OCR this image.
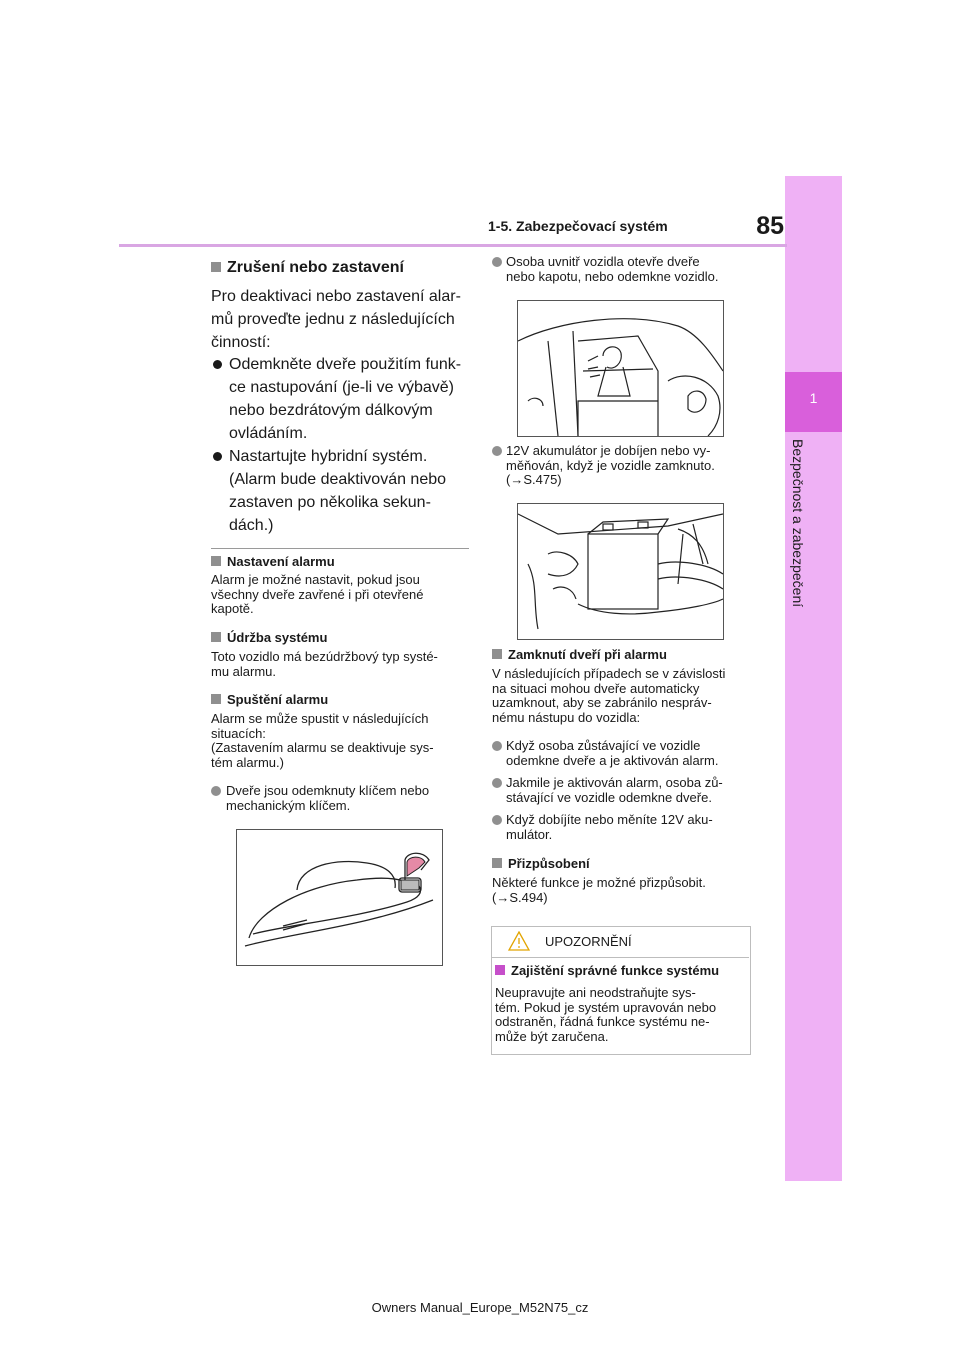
1
Bezpečnost a zabezpečení
1-5. Zabezpečovací systém	85
Zrušení nebo zastavení
Pro deaktivaci nebo zastavení alar-
mů proveďte jednu z následujících
činností:
Odemkněte dveře použitím funk-
ce nastupování (je-li ve výbavě)
nebo bezdrátovým dálkovým
ovládáním.
Nastartujte hybridní systém.
(Alarm bude deaktivován nebo
zastaven po několika sekun-
dách.)
Nastavení alarmu
Alarm je možné nastavit, pokud jsou
všechny dveře zavřené i při otevřené
kapotě.
Údržba systému
Toto vozidlo má bezúdržbový typ systé-
mu alarmu.
Spuštění alarmu
Alarm se může spustit v následujících
situacích:
(Zastavením alarmu se deaktivuje sys-
tém alarmu.)
Dveře jsou odemknuty klíčem nebo
mechanickým klíčem.
Osoba uvnitř vozidla otevře dveře
nebo kapotu, nebo odemkne vozidlo.
12V akumulátor je dobíjen nebo vy-
měňován, když je vozidle zamknuto.
(→S.475)
Zamknutí dveří při alarmu
V následujících případech se v závislosti
na situaci mohou dveře automaticky
uzamknout, aby se zabránilo nespráv-
nému nástupu do vozidla:
Když osoba zůstávající ve vozidle
odemkne dveře a je aktivován alarm.
Jakmile je aktivován alarm, osoba zů-
stávající ve vozidle odemkne dveře.
Když dobíjíte nebo měníte 12V aku-
mulátor.
Přizpůsobení
Některé funkce je možné přizpůsobit.
(→S.494)
UPOZORNĚNÍ
Zajištění správné funkce systému
Neupravujte ani neodstraňujte sys-
tém. Pokud je systém upravován nebo
odstraněn, řádná funkce systému ne-
může být zaručena.
Owners Manual_Europe_M52N75_cz
